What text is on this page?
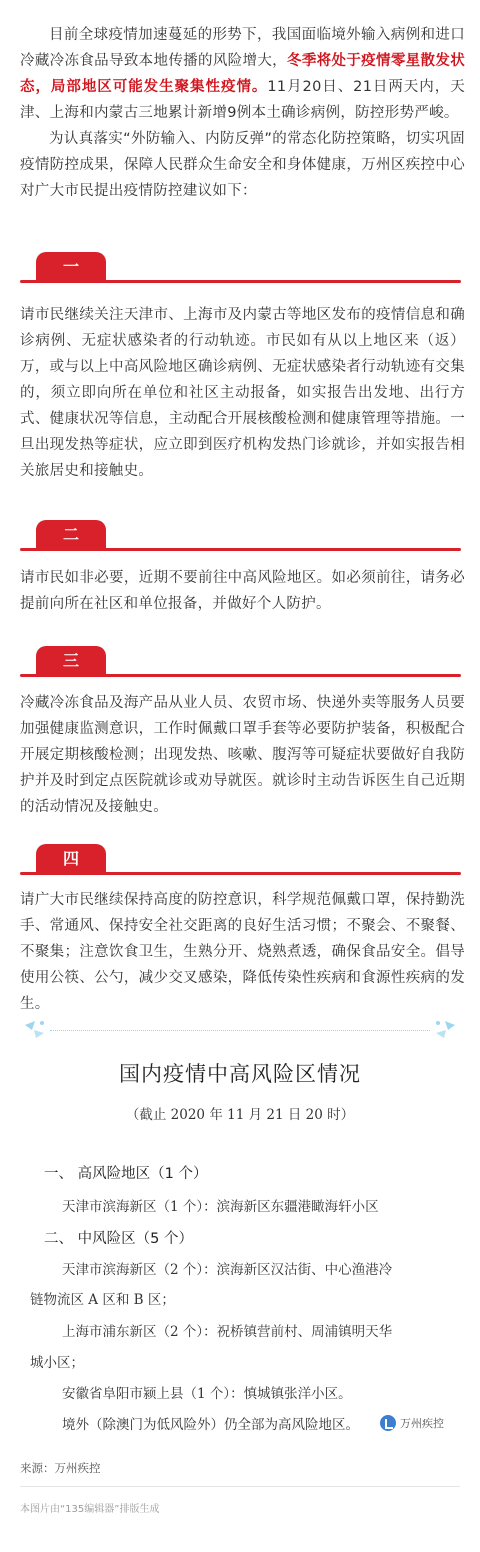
目前全球疫情加速蔓延的形势下，我国面临境外输入病例和进口冷藏冷冻食品导致本地传播的风险增大，冬季将处于疫情零星散发状态，局部地区可能发生聚集性疫情。11月20日、21日两天内，天津、上海和内蒙古三地累计新增9例本土确诊病例，防控形势严峻。

为认真落实“外防输入、内防反弹”的常态化防控策略，切实巩固疫情防控成果，保障人民群众生命安全和身体健康，万州区疾控中心对广大市民提出疫情防控建议如下：

一

请市民继续关注天津市、上海市及内蒙古等地区发布的疫情信息和确诊病例、无症状感染者的行动轨迹。市民如有从以上地区来（返）万，或与以上中高风险地区确诊病例、无症状感染者行动轨迹有交集的，须立即向所在单位和社区主动报备，如实报告出发地、出行方式、健康状况等信息，主动配合开展核酸检测和健康管理等措施。一旦出现发热等症状，应立即到医疗机构发热门诊就诊，并如实报告相关旅居史和接触史。

二

请市民如非必要，近期不要前往中高风险地区。如必须前往，请务必提前向所在社区和单位报备，并做好个人防护。

三

冷藏冷冻食品及海产品从业人员、农贸市场、快递外卖等服务人员要加强健康监测意识，工作时佩戴口罩手套等必要防护装备，积极配合开展定期核酸检测；出现发热、咳嗽、腹泻等可疑症状要做好自我防护并及时到定点医院就诊或劝导就医。就诊时主动告诉医生自己近期的活动情况及接触史。

四

请广大市民继续保持高度的防控意识，科学规范佩戴口罩，保持勤洗手、常通风、保持安全社交距离的良好生活习惯；不聚会、不聚餐、不聚集；注意饮食卫生，生熟分开、烧熟煮透，确保食品安全。倡导使用公筷、公勺，减少交叉感染，降低传染性疾病和食源性疾病的发生。

国内疫情中高风险区情况
（截止 2020 年 11 月 21 日 20 时）
一、 高风险地区（1 个）
天津市滨海新区（1 个）：滨海新区东疆港瞰海轩小区
二、 中风险区（5 个）
天津市滨海新区（2 个）：滨海新区汉沽街、中心渔港冷
链物流区 A 区和 B 区；
上海市浦东新区（2 个）：祝桥镇营前村、周浦镇明天华
城小区；
安徽省阜阳市颍上县（1 个）：慎城镇张洋小区。
境外（除澳门为低风险外）仍全部为高风险地区。	万州疾控
来源：万州疾控
本图片由“135编辑器”排版生成
